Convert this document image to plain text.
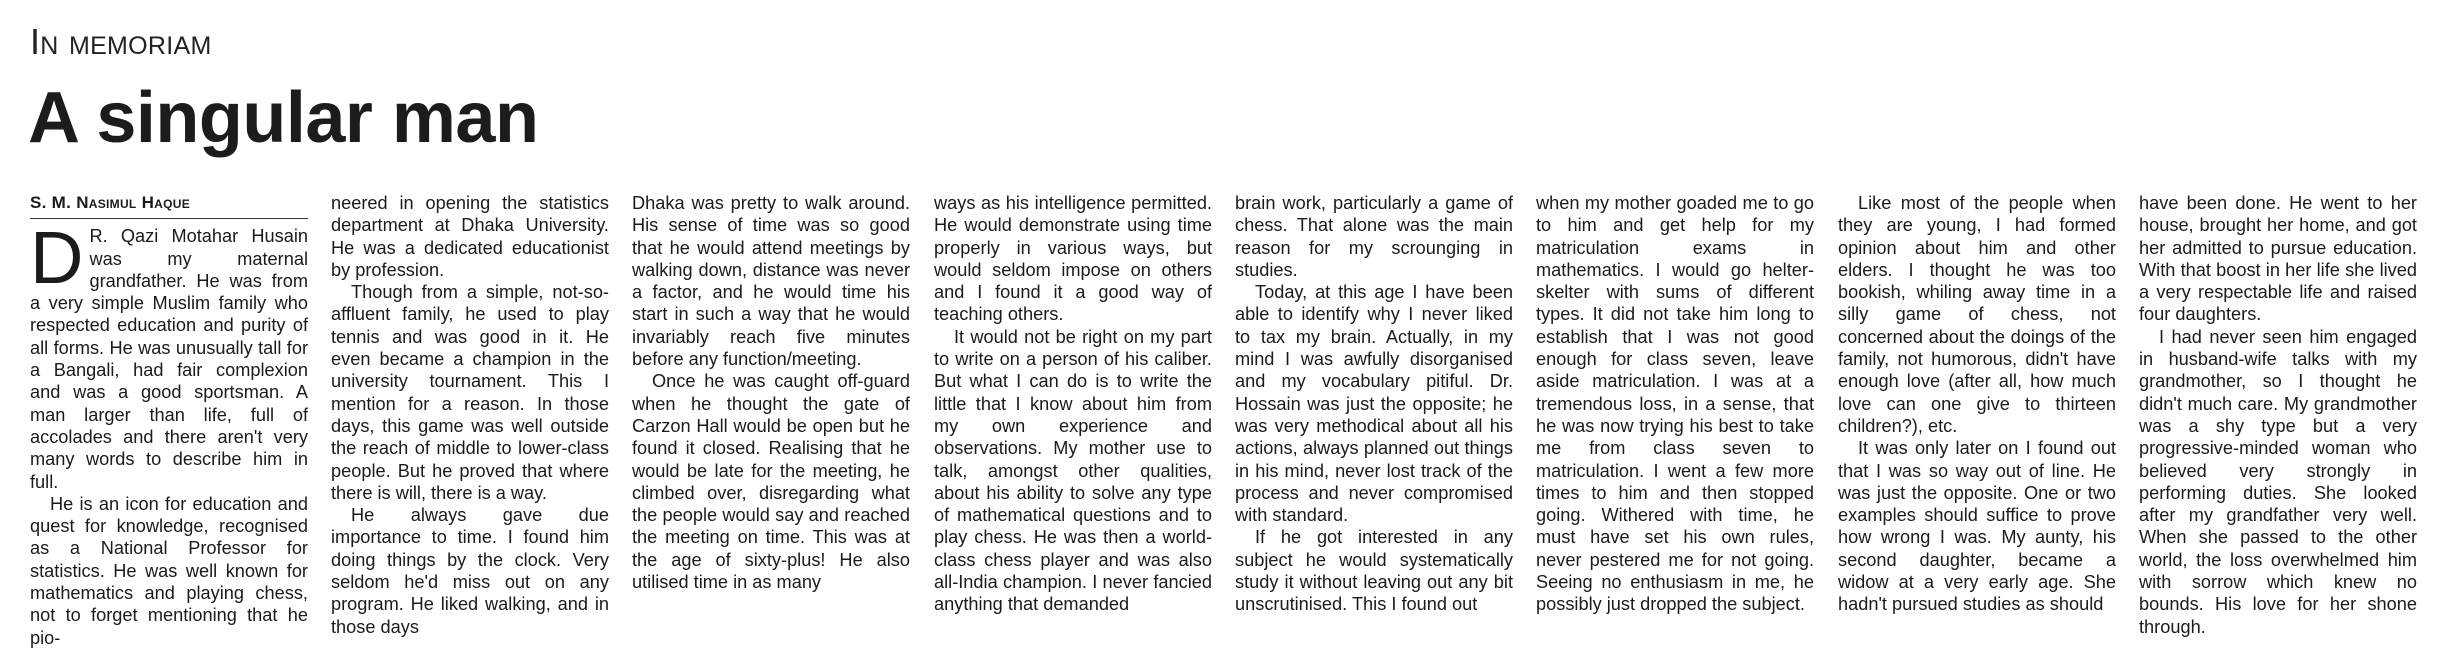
In memoriam
A singular man
S. M. Nasimul Haque

D R. Qazi Motahar Husain was my maternal grandfather. He was from a very simple Muslim family who respected education and purity of all forms. He was unusually tall for a Bangali, had fair complexion and was a good sportsman. A man larger than life, full of accolades and there aren't very many words to describe him in full.

He is an icon for education and quest for knowledge, recognised as a National Professor for statistics. He was well known for mathematics and playing chess, not to forget mentioning that he pio-

neered in opening the statistics department at Dhaka University. He was a dedicated educationist by profession.

Though from a simple, not-so-affluent family, he used to play tennis and was good in it. He even became a champion in the university tournament. This I mention for a reason. In those days, this game was well outside the reach of middle to lower-class people. But he proved that where there is will, there is a way.

He always gave due importance to time. I found him doing things by the clock. Very seldom he'd miss out on any program. He liked walking, and in those days

Dhaka was pretty to walk around. His sense of time was so good that he would attend meetings by walking down, distance was never a factor, and he would time his start in such a way that he would invariably reach five minutes before any function/meeting.

Once he was caught off-guard when he thought the gate of Carzon Hall would be open but he found it closed. Realising that he would be late for the meeting, he climbed over, disregarding what the people would say and reached the meeting on time. This was at the age of sixty-plus! He also utilised time in as many

ways as his intelligence permitted. He would demonstrate using time properly in various ways, but would seldom impose on others and I found it a good way of teaching others.

It would not be right on my part to write on a person of his caliber. But what I can do is to write the little that I know about him from my own experience and observations. My mother use to talk, amongst other qualities, about his ability to solve any type of mathematical questions and to play chess. He was then a world-class chess player and was also all-India champion. I never fancied anything that demanded

brain work, particularly a game of chess. That alone was the main reason for my scrounging in studies.

Today, at this age I have been able to identify why I never liked to tax my brain. Actually, in my mind I was awfully disorganised and my vocabulary pitiful. Dr. Hossain was just the opposite; he was very methodical about all his actions, always planned out things in his mind, never lost track of the process and never compromised with standard.

If he got interested in any subject he would systematically study it without leaving out any bit unscrutinised. This I found out

when my mother goaded me to go to him and get help for my matriculation exams in mathematics. I would go helter-skelter with sums of different types. It did not take him long to establish that I was not good enough for class seven, leave aside matriculation. I was at a tremendous loss, in a sense, that he was now trying his best to take me from class seven to matriculation. I went a few more times to him and then stopped going. Withered with time, he must have set his own rules, never pestered me for not going. Seeing no enthusiasm in me, he possibly just dropped the subject.

Like most of the people when they are young, I had formed opinion about him and other elders. I thought he was too bookish, whiling away time in a silly game of chess, not concerned about the doings of the family, not humorous, didn't have enough love (after all, how much love can one give to thirteen children?), etc.

It was only later on I found out that I was so way out of line. He was just the opposite. One or two examples should suffice to prove how wrong I was. My aunty, his second daughter, became a widow at a very early age. She hadn't pursued studies as should

have been done. He went to her house, brought her home, and got her admitted to pursue education. With that boost in her life she lived a very respectable life and raised four daughters.

I had never seen him engaged in husband-wife talks with my grandmother, so I thought he didn't much care. My grandmother was a shy type but a very progressive-minded woman who believed very strongly in performing duties. She looked after my grandfather very well. When she passed to the other world, the loss overwhelmed him with sorrow which knew no bounds. His love for her shone through.
